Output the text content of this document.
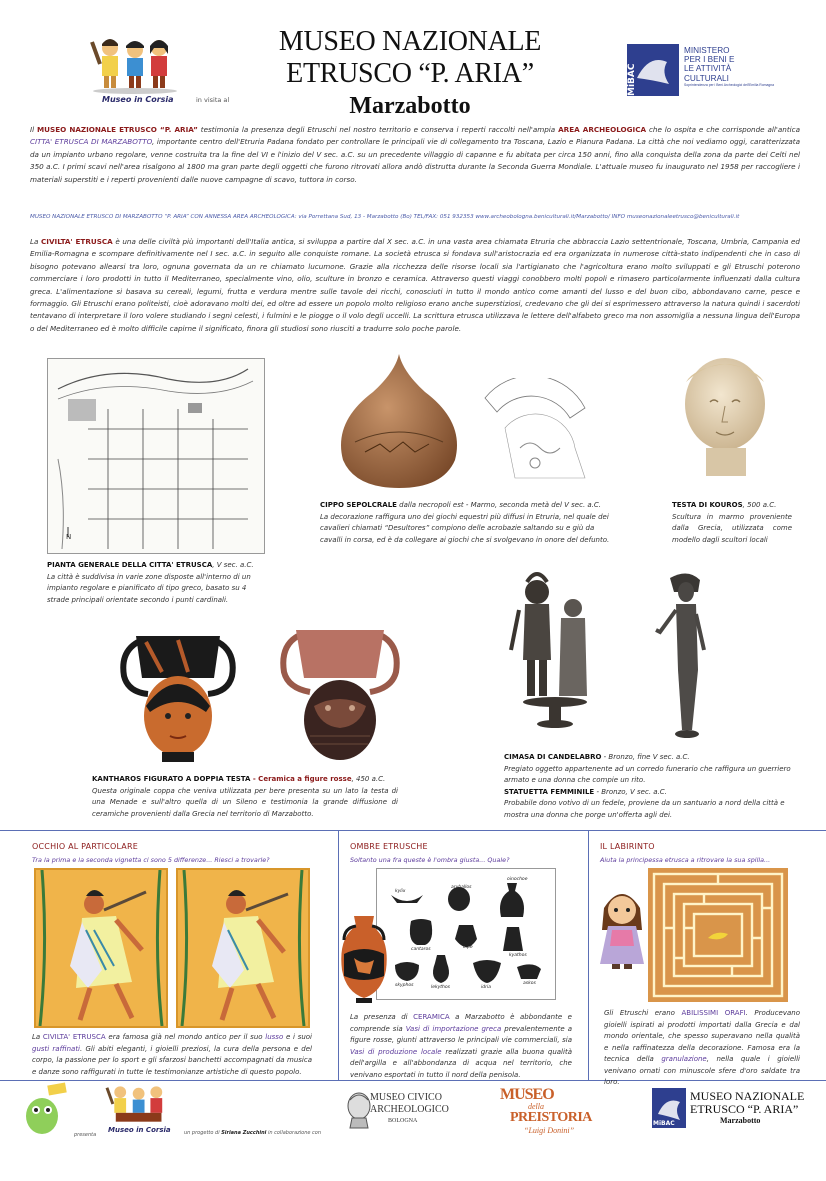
Museo in Corsia	in visita al
MUSEO NAZIONALE
ETRUSCO “P. ARIA”
Marzabotto
MiBAC
MINISTERO
PER I BENI E
LE ATTIVITÀ
CULTURALI
Soprintendenza per i Beni Archeologici dell'Emilia Romagna
Il MUSEO NAZIONALE ETRUSCO “P. ARIA” testimonia la presenza degli Etruschi nel nostro territorio e conserva i reperti raccolti nell'ampia AREA ARCHEOLOGICA che lo ospita e che corrisponde all'antica CITTA' ETRUSCA DI MARZABOTTO, importante centro dell'Etruria Padana fondato per controllare le principali vie di collegamento tra Toscana, Lazio e Pianura Padana. La città che noi vediamo oggi, caratterizzata da un impianto urbano regolare, venne costruita tra la fine del VI e l'inizio del V sec. a.C. su un precedente villaggio di capanne e fu abitata per circa 150 anni, fino alla conquista della zona da parte dei Celti nel 350 a.C. I primi scavi nell'area risalgono al 1800 ma gran parte degli oggetti che furono ritrovati allora andò distrutta durante la Seconda Guerra Mondiale. L'attuale museo fu inaugurato nel 1958 per raccogliere i materiali superstiti e i reperti provenienti dalle nuove campagne di scavo, tuttora in corso.
MUSEO NAZIONALE ETRUSCO DI MARZABOTTO “P. ARIA” CON ANNESSA AREA ARCHEOLOGICA: via Porrettana Sud, 13 - Marzabotto (Bo) TEL/FAX: 051 932353 www.archeobologna.beniculturali.it/Marzabotto/ INFO museonazionaleetrusco@beniculturali.it
La CIVILTA' ETRUSCA è una delle civiltà più importanti dell'Italia antica, si sviluppa a partire dal X sec. a.C. in una vasta area chiamata Etruria che abbraccia Lazio settentrionale, Toscana, Umbria, Campania ed Emilia-Romagna e scompare definitivamente nel I sec. a.C. in seguito alle conquiste romane. La società etrusca si fondava sull'aristocrazia ed era organizzata in numerose città-stato indipendenti che in caso di bisogno potevano allearsi tra loro, ognuna governata da un re chiamato lucumone. Grazie alla ricchezza delle risorse locali sia l'artigianato che l'agricoltura erano molto sviluppati e gli Etruschi poterono commerciare i loro prodotti in tutto il Mediterraneo, specialmente vino, olio, sculture in bronzo e ceramica. Attraverso questi viaggi conobbero molti popoli e rimasero particolarmente influenzati dalla cultura greca. L'alimentazione si basava su cereali, legumi, frutta e verdura mentre sulle tavole dei ricchi, conosciuti in tutto il mondo antico come amanti del lusso e del buon cibo, abbondavano carne, pesce e formaggio. Gli Etruschi erano politeisti, cioè adoravano molti dei, ed oltre ad essere un popolo molto religioso erano anche superstiziosi, credevano che gli dei si esprimessero attraverso la natura quindi i sacerdoti tentavano di interpretare il loro volere studiando i segni celesti, i fulmini e le piogge o il volo degli uccelli. La scrittura etrusca utilizzava le lettere dell'alfabeto greco ma non assomiglia a nessuna lingua dell'Europa o del Mediterraneo ed è molto difficile capirne il significato, finora gli studiosi sono riusciti a tradurre solo poche parole.
N
PIANTA GENERALE DELLA CITTA' ETRUSCA, V sec. a.C.
La città è suddivisa in varie zone disposte all'interno di un impianto regolare e pianificato di tipo greco, basato su 4 strade principali orientate secondo i punti cardinali.
CIPPO SEPOLCRALE dalla necropoli est - Marmo, seconda metà del V sec. a.C.
La decorazione raffigura uno dei giochi equestri più diffusi in Etruria, nel quale dei cavalieri chiamati “Desultores” compiono delle acrobazie saltando su e giù da cavalli in corsa, ed è da collegare ai giochi che si svolgevano in onore del defunto.
TESTA DI KOUROS, 500 a.C.
Scultura in marmo proveniente dalla Grecia, utilizzata come modello dagli scultori locali
KANTHAROS FIGURATO A DOPPIA TESTA - Ceramica a figure rosse, 450 a.C.
Questa originale coppa che veniva utilizzata per bere presenta su un lato la testa di una Menade e sull'altro quella di un Sileno e testimonia la grande diffusione di ceramiche provenienti dalla Grecia nel territorio di Marzabotto.
CIMASA DI CANDELABRO - Bronzo, fine V sec. a.C.
Pregiato oggetto appartenente ad un corredo funerario che raffigura un guerriero armato e una donna che compie un rito.
STATUETTA FEMMINILE - Bronzo, V sec. a.C.
Probabile dono votivo di un fedele, proviene da un santuario a nord della città e mostra una donna che porge un'offerta agli dei.
OCCHIO AL PARTICOLARE
Tra la prima e la seconda vignetta ci sono 5 differenze... Riesci a trovarle?
La CIVILTA' ETRUSCA era famosa già nel mondo antico per il suo lusso e i suoi gusti raffinati. Gli abiti eleganti, i gioielli preziosi, la cura della persona e del corpo, la passione per lo sport e gli sfarzosi banchetti accompagnati da musica e danze sono raffigurati in tutte le testimonianze artistiche di questo popolo.
OMBRE ETRUSCHE
Soltanto una fra queste è l'ombra giusta... Quale?
kylix
aryballos
oinochoe
cantaros	olpe
kyathos
lekythos	idria
skyphos	askos
La presenza di CERAMICA a Marzabotto è abbondante e comprende sia Vasi di importazione greca prevalentemente a figure rosse, giunti attraverso le principali vie commerciali, sia Vasi di produzione locale realizzati grazie alla buona qualità dell'argilla e all'abbondanza di acqua nel territorio, che venivano esportati in tutto il nord della penisola.
IL LABIRINTO
Aiuta la principessa etrusca a ritrovare la sua spilla...
Gli Etruschi erano ABILISSIMI ORAFI. Producevano gioielli ispirati ai prodotti importati dalla Grecia e dal mondo orientale, che spesso superavano nella qualità e nella raffinatezza della decorazione. Famosa era la tecnica della granulazione, nella quale i gioielli venivano ornati con minuscole sfere d'oro saldate tra loro.
presenta
Museo in Corsia	un progetto di Siriana Zucchini in collaborazione con
MUSEO CIVICO
ARCHEOLOGICO
BOLOGNA
MUSEO
della
PREISTORIA
“Luigi Donini”
MiBAC
MUSEO NAZIONALE
ETRUSCO “P. ARIA”
Marzabotto
